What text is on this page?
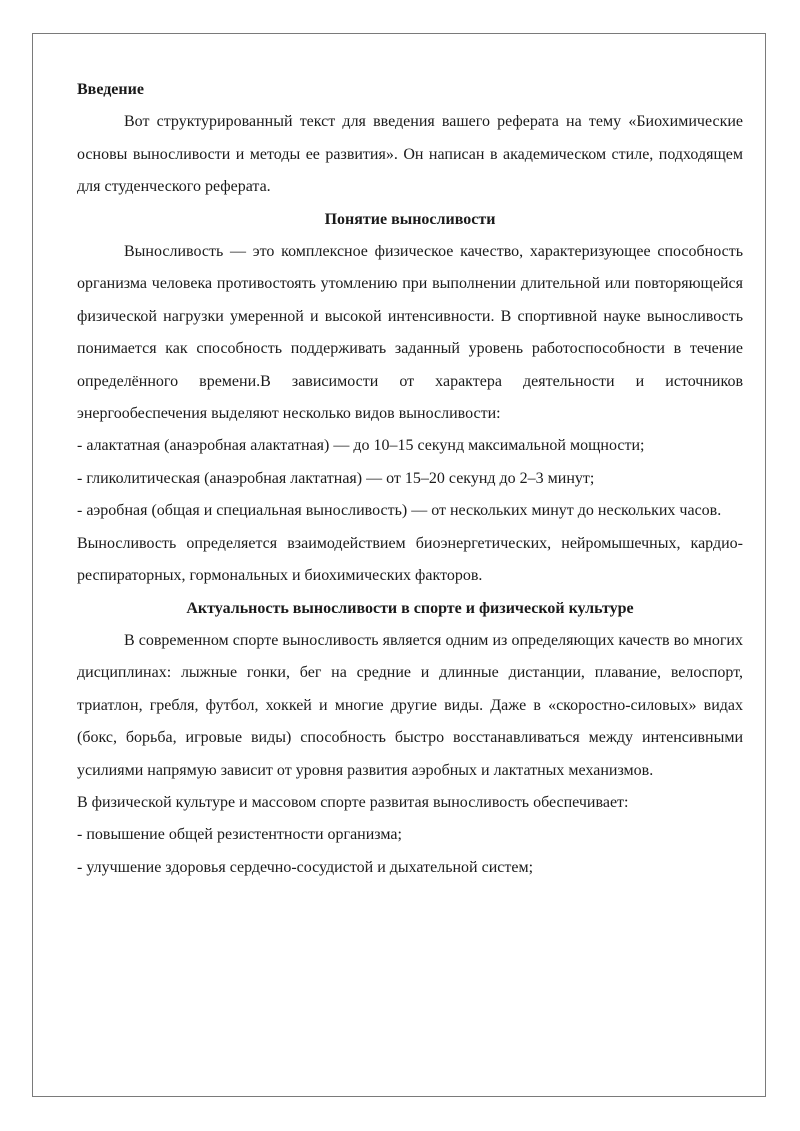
Введение

Вот структурированный текст для введения вашего реферата на тему «Биохимические основы выносливости и методы ее развития». Он написан в академическом стиле, подходящем для студенческого реферата.

Понятие выносливости

Выносливость — это комплексное физическое качество, характеризующее способность организма человека противостоять утомлению при выполнении длительной или повторяющейся физической нагрузки умеренной и высокой интенсивности. В спортивной науке выносливость понимается как способность поддерживать заданный уровень работоспособности в течение определённого времени.В зависимости от характера деятельности и источников энергообеспечения выделяют несколько видов выносливости:

- алактатная (анаэробная алактатная) — до 10–15 секунд максимальной мощности;

- гликолитическая (анаэробная лактатная) — от 15–20 секунд до 2–3 минут;

- аэробная (общая и специальная выносливость) — от нескольких минут до нескольких часов.

Выносливость определяется взаимодействием биоэнергетических, нейромышечных, кардио-респираторных, гормональных и биохимических факторов.

Актуальность выносливости в спорте и физической культуре

В современном спорте выносливость является одним из определяющих качеств во многих дисциплинах: лыжные гонки, бег на средние и длинные дистанции, плавание, велоспорт, триатлон, гребля, футбол, хоккей и многие другие виды. Даже в «скоростно-силовых» видах (бокс, борьба, игровые виды) способность быстро восстанавливаться между интенсивными усилиями напрямую зависит от уровня развития аэробных и лактатных механизмов.

В физической культуре и массовом спорте развитая выносливость обеспечивает:

- повышение общей резистентности организма;

- улучшение здоровья сердечно-сосудистой и дыхательной систем;
